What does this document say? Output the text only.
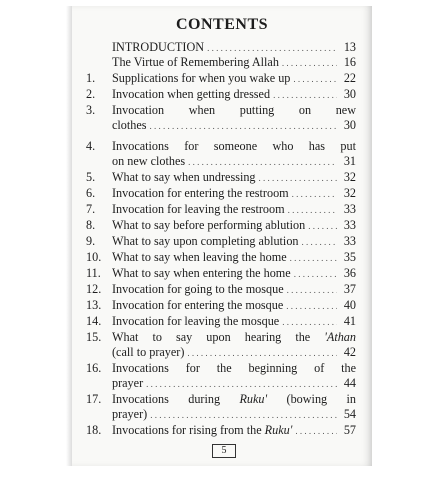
CONTENTS
INTRODUCTION . . .	13
The Virtue of Remembering Allah . . .	16
1.	Supplications for when you wake up . . .	22
2.	Invocation when getting dressed . . .	30
3.	Invocation when putting on new
clothes . . .	30
4.	Invocations for someone who has put
on new clothes . . .	31
5.	What to say when undressing . . .	32
6.	Invocation for entering the restroom . . .	32
7.	Invocation for leaving the restroom . . .	33
8.	What to say before performing ablution . . .	33
9.	What to say upon completing ablution . . .	33
10. What to say when leaving the home . . .	35
11. What to say when entering the home . . .	36
12. Invocation for going to the mosque . . .	37
13. Invocation for entering the mosque . . .	40
14. Invocation for leaving the mosque . . .	41
15. What to say upon hearing the 'Athan
(call to prayer) . . .	42
16. Invocations for the beginning of the
prayer . . .	44
17. Invocations during Ruku' (bowing in
prayer) . . .	54
18. Invocations for rising from the Ruku' . . .	57
5
